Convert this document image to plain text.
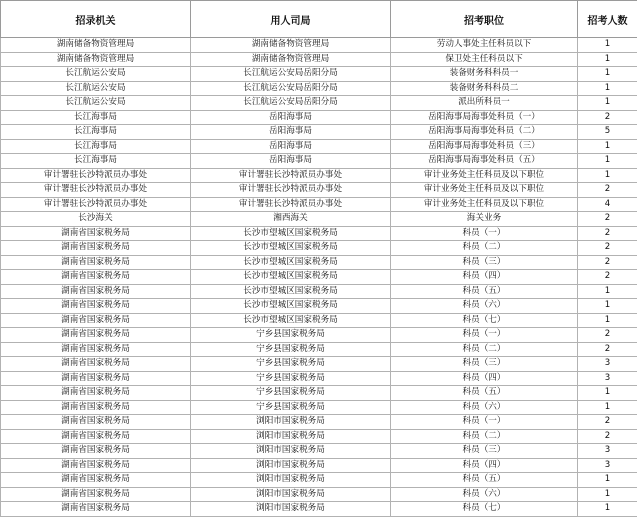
招录机关	用人司局	招考职位	招考人数
湖南储备物资管理局	湖南储备物资管理局	劳动人事处主任科员以下	1
湖南储备物资管理局	湖南储备物资管理局	保卫处主任科员以下	1
长江航运公安局	长江航运公安局岳阳分局	装备财务科科员一	1
长江航运公安局	长江航运公安局岳阳分局	装备财务科科员二	1
长江航运公安局	长江航运公安局岳阳分局	派出所科员一	1
长江海事局	岳阳海事局	岳阳海事局海事处科员（一）	2
长江海事局	岳阳海事局	岳阳海事局海事处科员（二）	5
长江海事局	岳阳海事局	岳阳海事局海事处科员（三）	1
长江海事局	岳阳海事局	岳阳海事局海事处科员（五）	1
审计署驻长沙特派员办事处	审计署驻长沙特派员办事处	审计业务处主任科员及以下职位	1
审计署驻长沙特派员办事处	审计署驻长沙特派员办事处	审计业务处主任科员及以下职位	2
审计署驻长沙特派员办事处	审计署驻长沙特派员办事处	审计业务处主任科员及以下职位	4
长沙海关	湘西海关	海关业务	2
湖南省国家税务局	长沙市望城区国家税务局	科员（一）	2
湖南省国家税务局	长沙市望城区国家税务局	科员（二）	2
湖南省国家税务局	长沙市望城区国家税务局	科员（三）	2
湖南省国家税务局	长沙市望城区国家税务局	科员（四）	2
湖南省国家税务局	长沙市望城区国家税务局	科员（五）	1
湖南省国家税务局	长沙市望城区国家税务局	科员（六）	1
湖南省国家税务局	长沙市望城区国家税务局	科员（七）	1
湖南省国家税务局	宁乡县国家税务局	科员（一）	2
湖南省国家税务局	宁乡县国家税务局	科员（二）	2
湖南省国家税务局	宁乡县国家税务局	科员（三）	3
湖南省国家税务局	宁乡县国家税务局	科员（四）	3
湖南省国家税务局	宁乡县国家税务局	科员（五）	1
湖南省国家税务局	宁乡县国家税务局	科员（六）	1
湖南省国家税务局	浏阳市国家税务局	科员（一）	2
湖南省国家税务局	浏阳市国家税务局	科员（二）	2
湖南省国家税务局	浏阳市国家税务局	科员（三）	3
湖南省国家税务局	浏阳市国家税务局	科员（四）	3
湖南省国家税务局	浏阳市国家税务局	科员（五）	1
湖南省国家税务局	浏阳市国家税务局	科员（六）	1
湖南省国家税务局	浏阳市国家税务局	科员（七）	1
